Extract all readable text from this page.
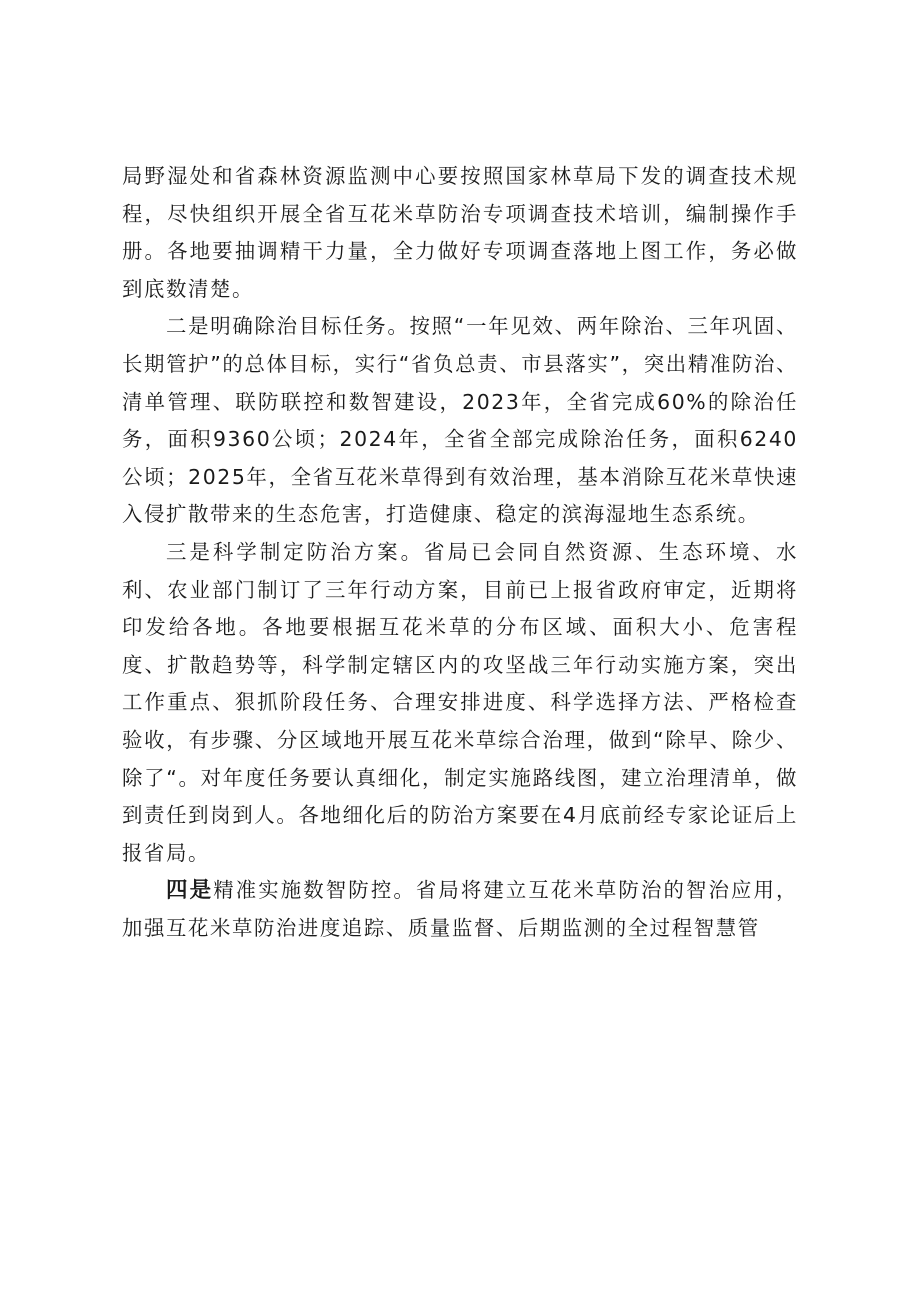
局野湿处和省森林资源监测中心要按照国家林草局下发的调查技术规程，尽快组织开展全省互花米草防治专项调查技术培训，编制操作手册。各地要抽调精干力量，全力做好专项调查落地上图工作，务必做到底数清楚。

二是明确除治目标任务。按照“一年见效、两年除治、三年巩固、长期管护”的总体目标，实行“省负总责、市县落实”，突出精准防治、清单管理、联防联控和数智建设，2023年，全省完成60%的除治任务，面积9360公顷；2024年，全省全部完成除治任务，面积6240公顷；2025年，全省互花米草得到有效治理，基本消除互花米草快速入侵扩散带来的生态危害，打造健康、稳定的滨海湿地生态系统。

三是科学制定防治方案。省局已会同自然资源、生态环境、水利、农业部门制订了三年行动方案，目前已上报省政府审定，近期将印发给各地。各地要根据互花米草的分布区域、面积大小、危害程度、扩散趋势等，科学制定辖区内的攻坚战三年行动实施方案，突出工作重点、狠抓阶段任务、合理安排进度、科学选择方法、严格检查验收，有步骤、分区域地开展互花米草综合治理，做到“除早、除少、除了“。对年度任务要认真细化，制定实施路线图，建立治理清单，做到责任到岗到人。各地细化后的防治方案要在4月底前经专家论证后上报省局。

四是精准实施数智防控。省局将建立互花米草防治的智治应用，加强互花米草防治进度追踪、质量监督、后期监测的全过程智慧管
